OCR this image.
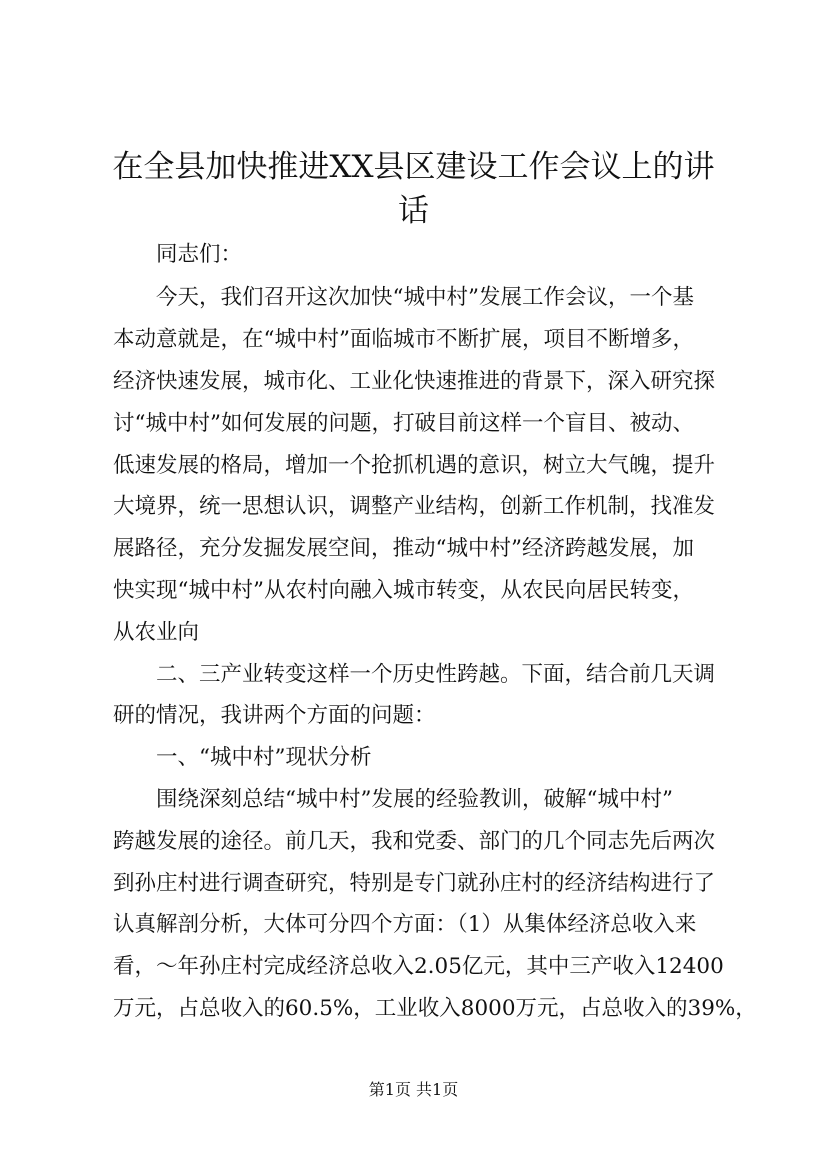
在全县加快推进XX县区建设工作会议上的讲
话
同志们：
今天，我们召开这次加快“城中村”发展工作会议，一个基
本动意就是，在“城中村”面临城市不断扩展，项目不断增多，
经济快速发展，城市化、工业化快速推进的背景下，深入研究探
讨“城中村”如何发展的问题，打破目前这样一个盲目、被动、
低速发展的格局，增加一个抢抓机遇的意识，树立大气魄，提升
大境界，统一思想认识，调整产业结构，创新工作机制，找准发
展路径，充分发掘发展空间，推动“城中村”经济跨越发展，加
快实现“城中村”从农村向融入城市转变，从农民向居民转变，
从农业向
二、三产业转变这样一个历史性跨越。下面，结合前几天调
研的情况，我讲两个方面的问题：
一、“城中村”现状分析
围绕深刻总结“城中村”发展的经验教训，破解“城中村”
跨越发展的途径。前几天，我和党委、部门的几个同志先后两次
到孙庄村进行调查研究，特别是专门就孙庄村的经济结构进行了
认真解剖分析，大体可分四个方面：（1）从集体经济总收入来
看，～年孙庄村完成经济总收入2.05亿元，其中三产收入12400
万元，占总收入的60.5%，工业收入8000万元，占总收入的39%，
第1页 共1页
